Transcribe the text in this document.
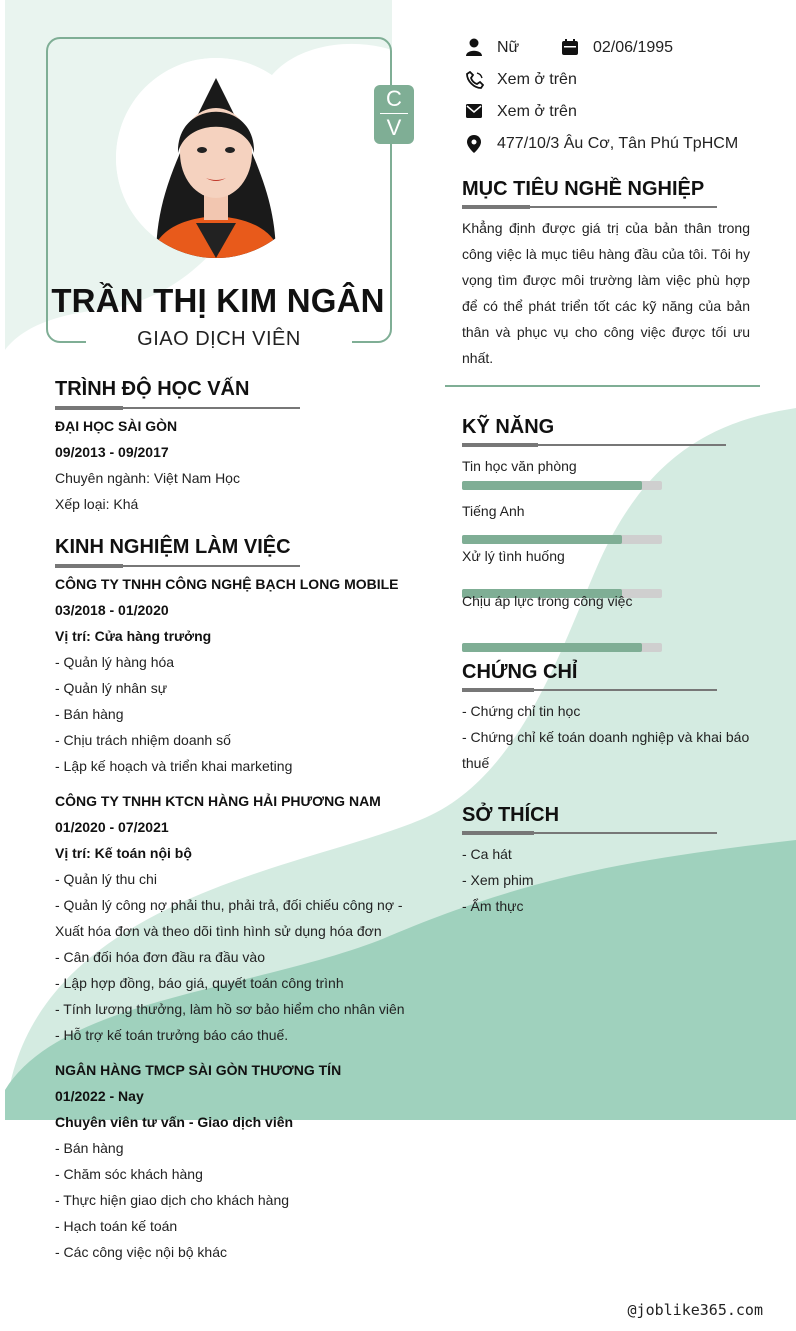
C
V
TRẦN THỊ KIM NGÂN
GIAO DỊCH VIÊN
Nữ	02/06/1995
Xem ở trên
Xem ở trên
477/10/3 Âu Cơ, Tân Phú TpHCM
MỤC TIÊU NGHỀ NGHIỆP
Khẳng định được giá trị của bản thân trong
công việc là mục tiêu hàng đầu của tôi. Tôi hy
vọng tìm được môi trường làm việc phù hợp
để có thể phát triển tốt các kỹ năng của bản
thân và phục vụ cho công việc được tối ưu
nhất.
KỸ NĂNG
Tin học văn phòng
Tiếng Anh
Xử lý tình huống
Chịu áp lực trong công việc
CHỨNG CHỈ
- Chứng chỉ tin học
- Chứng chỉ kế toán doanh nghiệp và khai báo
thuế
SỞ THÍCH
- Ca hát
- Xem phim
- Ẩm thực
TRÌNH ĐỘ HỌC VẤN
ĐẠI HỌC SÀI GÒN
09/2013 - 09/2017
Chuyên ngành: Việt Nam Học
Xếp loại: Khá
KINH NGHIỆM LÀM VIỆC
CÔNG TY TNHH CÔNG NGHỆ BẠCH LONG MOBILE
03/2018 - 01/2020
Vị trí: Cửa hàng trưởng
- Quản lý hàng hóa
- Quản lý nhân sự
- Bán hàng
- Chịu trách nhiệm doanh số
- Lập kế hoạch và triển khai marketing
CÔNG TY TNHH KTCN HÀNG HẢI PHƯƠNG NAM
01/2020 - 07/2021
Vị trí: Kế toán nội bộ
- Quản lý thu chi
- Quản lý công nợ phải thu, phải trả, đối chiếu công nợ -
Xuất hóa đơn và theo dõi tình hình sử dụng hóa đơn
- Cân đối hóa đơn đầu ra đầu vào
- Lập hợp đồng, báo giá, quyết toán công trình
- Tính lương thưởng, làm hồ sơ bảo hiểm cho nhân viên
- Hỗ trợ kế toán trưởng báo cáo thuế.
NGÂN HÀNG TMCP SÀI GÒN THƯƠNG TÍN
01/2022 - Nay
Chuyên viên tư vấn - Giao dịch viên
- Bán hàng
- Chăm sóc khách hàng
- Thực hiện giao dịch cho khách hàng
- Hạch toán kế toán
- Các công việc nội bộ khác
@joblike365.com
